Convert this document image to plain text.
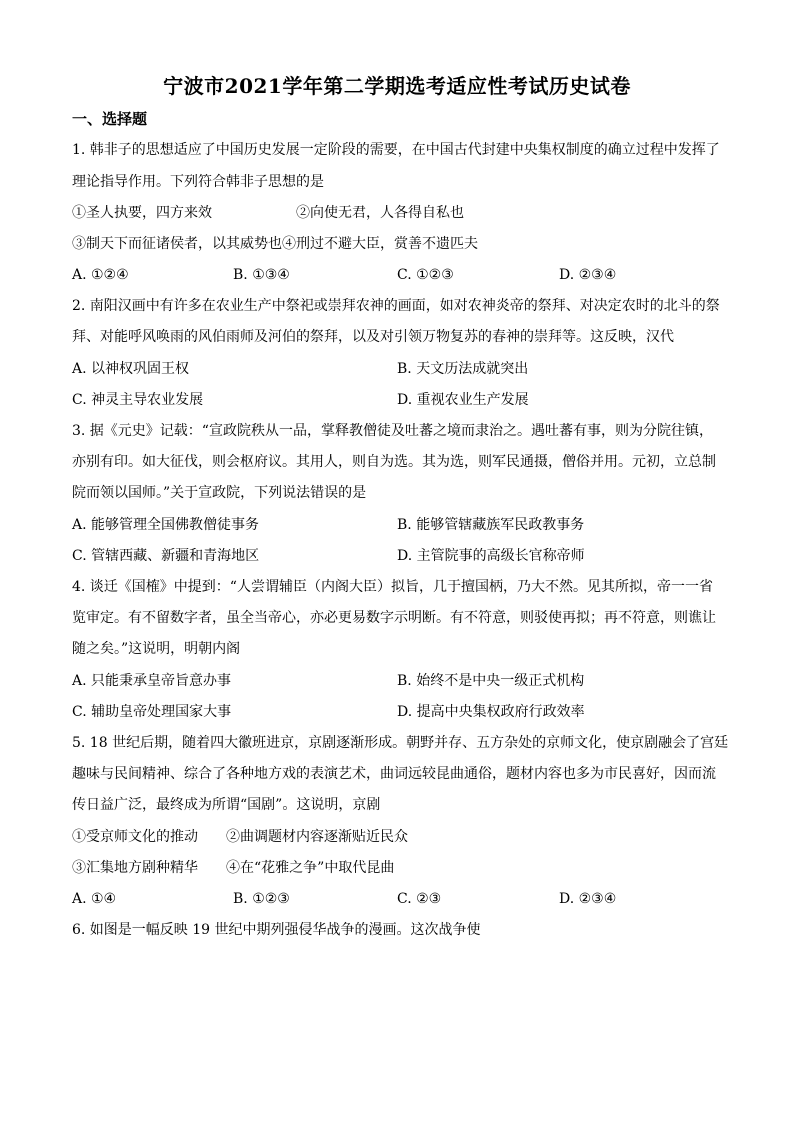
宁波市2021学年第二学期选考适应性考试历史试卷
一、选择题
1. 韩非子的思想适应了中国历史发展一定阶段的需要，在中国古代封建中央集权制度的确立过程中发挥了
理论指导作用。下列符合韩非子思想的是
①圣人执要，四方来效	②向使无君，人各得自私也
③制天下而征诸侯者，以其威势也 ④刑过不避大臣，赏善不遗匹夫
A. ①②④	B. ①③④	C. ①②③	D. ②③④
2. 南阳汉画中有许多在农业生产中祭祀或崇拜农神的画面，如对农神炎帝的祭拜、对决定农时的北斗的祭
拜、对能呼风唤雨的风伯雨师及河伯的祭拜，以及对引领万物复苏的春神的崇拜等。这反映，汉代
A. 以神权巩固王权	B. 天文历法成就突出
C. 神灵主导农业发展	D. 重视农业生产发展
3. 据《元史》记载：“宣政院秩从一品，掌释教僧徒及吐蕃之境而隶治之。遇吐蕃有事，则为分院往镇，
亦别有印。如大征伐，则会枢府议。其用人，则自为选。其为选，则军民通摄，僧俗并用。元初，立总制
院而领以国师。”关于宣政院，下列说法错误的是
A. 能够管理全国佛教僧徒事务	B. 能够管辖藏族军民政教事务
C. 管辖西藏、新疆和青海地区	D. 主管院事的高级长官称帝师
4. 谈迁《国榷》中提到：“人尝谓辅臣（内阁大臣）拟旨，几于擅国柄，乃大不然。见其所拟，帝一一省
览审定。有不留数字者，虽全当帝心，亦必更易数字示明断。有不符意，则驳使再拟；再不符意，则谯让
随之矣。”这说明，明朝内阁
A. 只能秉承皇帝旨意办事	B. 始终不是中央一级正式机构
C. 辅助皇帝处理国家大事	D. 提高中央集权政府行政效率
5. 18 世纪后期，随着四大徽班进京，京剧逐渐形成。朝野并存、五方杂处的京师文化，使京剧融会了宫廷
趣味与民间精神、综合了各种地方戏的表演艺术，曲词远较昆曲通俗，题材内容也多为市民喜好，因而流
传日益广泛，最终成为所谓“国剧”。这说明，京剧
①受京师文化的推动 ②曲调题材内容逐渐贴近民众
③汇集地方剧种精华 ④在“花雅之争”中取代昆曲
A. ①④	B. ①②③	C. ②③	D. ②③④
6. 如图是一幅反映 19 世纪中期列强侵华战争的漫画。这次战争使
